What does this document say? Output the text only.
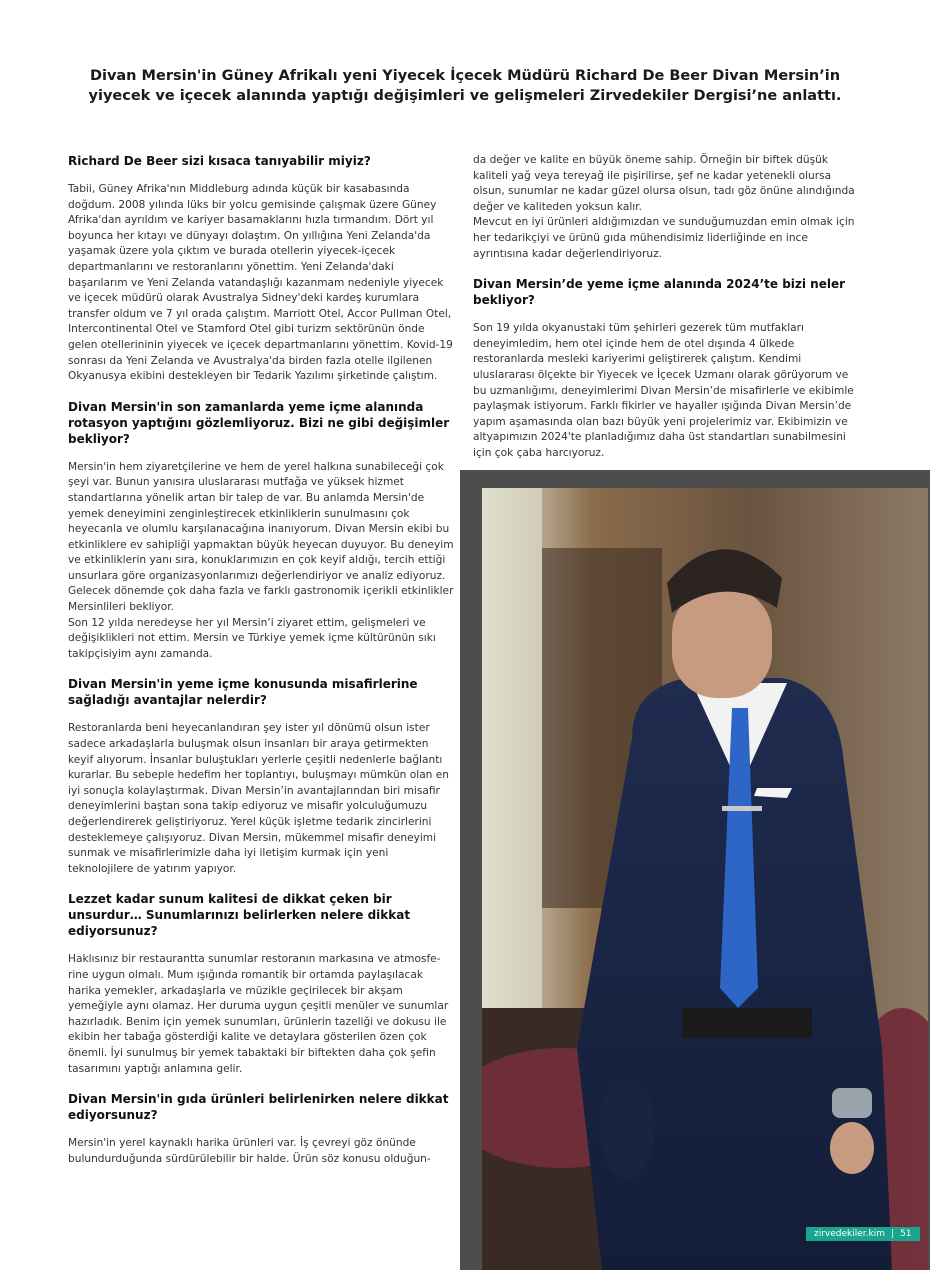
Divan Mersin'in Güney Afrikalı yeni Yiyecek İçecek Müdürü Richard De Beer Divan Mersin’in yiyecek ve içecek alanında yaptığı değişimleri ve gelişmeleri Zirvedekiler Dergisi’ne anlattı.
Richard De Beer sizi kısaca tanıyabilir miyiz?
Tabii, Güney Afrika'nın Middleburg adında küçük bir kasabasında doğdum. 2008 yılında lüks bir yolcu gemisinde çalışmak üzere Güney Afrika'dan ayrıldım ve kariyer basamaklarını hızla tırmandım. Dört yıl boyunca her kıtayı ve dünyayı dolaştım. On yıllığına Yeni Zelanda'da yaşamak üzere yola çıktım ve burada otellerin yiyecek-içecek departmanlarını ve restoranlarını yönettim. Yeni Zelanda'daki başarılarım ve Yeni Zelanda vatandaşlığı kazanmam nedeniyle yiyecek ve içecek müdürü olarak Avustralya Sidney'deki kardeş kurumlara transfer oldum ve 7 yıl orada çalıştım. Marriott Otel, Accor Pullman Otel, Intercontinental Otel ve Stamford Otel gibi turizm sektörünün önde gelen otellerininin yiyecek ve içecek departmanlarını yönettim. Kovid-19 sonrası da Yeni Zelanda ve Avustralya'da birden fazla otelle ilgilenen Okyanusya ekibini destekleyen bir Tedarik Yazılımı şirketinde çalıştım.
Divan Mersin'in son zamanlarda yeme içme alanında rotasyon yaptığını gözlemliyoruz. Bizi ne gibi değişimler bekliyor?
Mersin'in hem ziyaretçilerine ve hem de yerel halkına sunabileceği çok şeyi var. Bunun yanısıra uluslararası mutfağa ve yüksek hizmet standartlarına yönelik artan bir talep de var. Bu anlamda Mersin'de yemek deneyimini zenginleştirecek etkinliklerin sunulmasını çok heyecanla ve olumlu karşılanacağına inanıyorum. Divan Mersin ekibi bu etkinliklere ev sahipliği yapmaktan büyük heyecan duyuyor. Bu deneyim ve etkinliklerin yanı sıra, konuklarımızın en çok keyif aldığı, tercih ettiği unsurlara göre organizasyonlarımızı değerlendiriyor ve analiz ediyoruz. Gelecek dönemde çok daha fazla ve farklı gastronomik içerikli etkinlikler Mersinlileri bekliyor.
Son 12 yılda neredeyse her yıl Mersin’i ziyaret ettim, gelişmeleri ve değişiklikleri not ettim. Mersin ve Türkiye yemek içme kültürünün sıkı takipçisiyim aynı zamanda.
Divan Mersin'in yeme içme konusunda misafirlerine sağladığı avantajlar nelerdir?
Restoranlarda beni heyecanlandıran şey ister yıl dönümü olsun ister sadece arkadaşlarla buluşmak olsun insanları bir araya getirmekten keyif alıyorum. İnsanlar buluştukları yerlerle çeşitli nedenlerle bağlantı kurarlar. Bu sebeple hedefim her toplantıyı, buluşmayı mümkün olan en iyi sonuçla kolaylaştırmak. Divan Mersin’in avantajlarından biri misafir deneyimlerini baştan sona takip ediyoruz ve misafir yolculuğumuzu değerlendirerek geliştiriyoruz. Yerel küçük işletme tedarik zincirlerini desteklemeye çalışıyoruz. Divan Mersin, mükemmel misafir deneyimi sunmak ve misafirlerimizle daha iyi iletişim kurmak için yeni teknolojilere de yatırım yapıyor.
Lezzet kadar sunum kalitesi de dikkat çeken bir unsurdur… Sunumlarınızı belirlerken nelere dikkat ediyorsunuz?
Haklısınız bir restaurantta sunumlar restoranın markasına ve atmosferine uygun olmalı. Mum ışığında romantik bir ortamda paylaşılacak harika yemekler, arkadaşlarla ve müzikle geçirilecek bir akşam yemeğiyle aynı olamaz. Her duruma uygun çeşitli menüler ve sunumlar hazırladık. Benim için yemek sunumları, ürünlerin tazeliği ve dokusu ile ekibin her tabağa gösterdiği kalite ve detaylara gösterilen özen çok önemli. İyi sunulmuş bir yemek tabaktaki bir biftekten daha çok şefin tasarımını yaptığı anlamına gelir.
Divan Mersin'in gıda ürünleri belirlenirken nelere dikkat ediyorsunuz?
Mersin'in yerel kaynaklı harika ürünleri var. İş çevreyi göz önünde bulundurduğunda sürdürülebilir bir halde. Ürün söz konusu olduğun-
da değer ve kalite en büyük öneme sahip. Örneğin bir biftek düşük kaliteli yağ veya tereyağ ile pişirilirse, şef ne kadar yetenekli olursa olsun, sunumlar ne kadar güzel olursa olsun, tadı göz önüne alındığında değer ve kaliteden yoksun kalır.
Mevcut en iyi ürünleri aldığımızdan ve sunduğumuzdan emin olmak için her tedarikçiyi ve ürünü gıda mühendisimiz liderliğinde en ince ayrıntısına kadar değerlendiriyoruz.
Divan Mersin’de yeme içme alanında 2024’te bizi neler bekliyor?
Son 19 yılda okyanustaki tüm şehirleri gezerek tüm mutfakları deneyimledim, hem otel içinde hem de otel dışında 4 ülkede restoranlarda mesleki kariyerimi geliştirerek çalıştım. Kendimi uluslararası ölçekte bir Yiyecek ve İçecek Uzmanı olarak görüyorum ve bu uzmanlığımı, deneyimlerimi Divan Mersin’de misafirlerle ve ekibimle paylaşmak istiyorum. Farklı fikirler ve hayaller ışığında Divan Mersin’de yapım aşamasında olan bazı büyük yeni projelerimiz var. Ekibimizin ve altyapımızın 2024'te planladığımız daha üst standartları sunabilmesini için çok çaba harcıyoruz.
zirvedekiler.kim | 51
